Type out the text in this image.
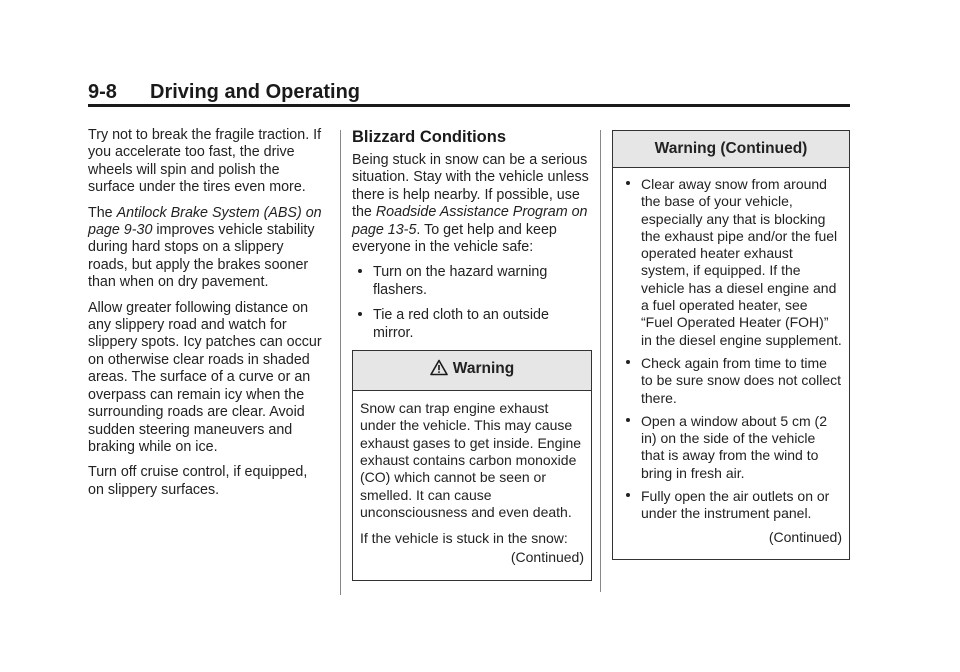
9-8 Driving and Operating

Try not to break the fragile traction. If you accelerate too fast, the drive wheels will spin and polish the surface under the tires even more.

The Antilock Brake System (ABS) on page 9-30 improves vehicle stability during hard stops on a slippery roads, but apply the brakes sooner than when on dry pavement.

Allow greater following distance on any slippery road and watch for slippery spots. Icy patches can occur on otherwise clear roads in shaded areas. The surface of a curve or an overpass can remain icy when the surrounding roads are clear. Avoid sudden steering maneuvers and braking while on ice.

Turn off cruise control, if equipped, on slippery surfaces.

Blizzard Conditions

Being stuck in snow can be a serious situation. Stay with the vehicle unless there is help nearby. If possible, use the Roadside Assistance Program on page 13-5. To get help and keep everyone in the vehicle safe:

Turn on the hazard warning flashers.
Tie a red cloth to an outside mirror.
Warning

Snow can trap engine exhaust under the vehicle. This may cause exhaust gases to get inside. Engine exhaust contains carbon monoxide (CO) which cannot be seen or smelled. It can cause unconsciousness and even death.

If the vehicle is stuck in the snow:

(Continued)

Warning (Continued)
Clear away snow from around the base of your vehicle, especially any that is blocking the exhaust pipe and/or the fuel operated heater exhaust system, if equipped. If the vehicle has a diesel engine and a fuel operated heater, see “Fuel Operated Heater (FOH)” in the diesel engine supplement.
Check again from time to time to be sure snow does not collect there.
Open a window about 5 cm (2 in) on the side of the vehicle that is away from the wind to bring in fresh air.
Fully open the air outlets on or under the instrument panel.

(Continued)
